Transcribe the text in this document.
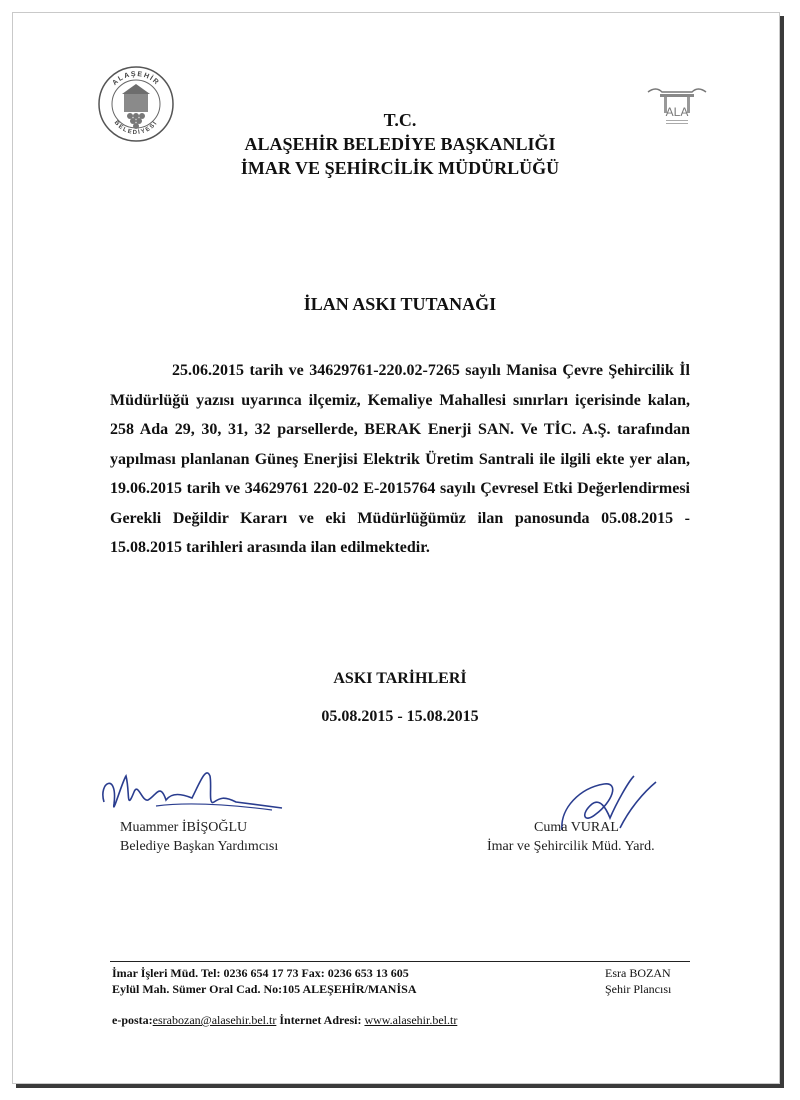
ALAŞEHİR
BELEDİYESİ
ALA
T.C.
ALAŞEHİR BELEDİYE BAŞKANLIĞI
İMAR VE ŞEHİRCİLİK MÜDÜRLÜĞÜ
İLAN ASKI TUTANAĞI
25.06.2015 tarih ve 34629761-220.02-7265 sayılı Manisa Çevre Şehircilik İl Müdürlüğü yazısı uyarınca ilçemiz, Kemaliye Mahallesi sınırları içerisinde kalan, 258 Ada 29, 30, 31, 32 parsellerde, BERAK Enerji SAN. Ve TİC. A.Ş. tarafından yapılması planlanan Güneş Enerjisi Elektrik Üretim Santrali ile ilgili ekte yer alan, 19.06.2015 tarih ve 34629761 220-02 E-2015764 sayılı Çevresel Etki Değerlendirmesi Gerekli Değildir Kararı ve eki Müdürlüğümüz ilan panosunda 05.08.2015 - 15.08.2015 tarihleri arasında ilan edilmektedir.
ASKI TARİHLERİ
05.08.2015 - 15.08.2015
Muammer İBİŞOĞLU
Belediye Başkan Yardımcısı
Cuma VURAL
İmar ve Şehircilik Müd. Yard.
İmar İşleri Müd. Tel: 0236 654 17 73 Fax: 0236 653 13 605
Eylül Mah. Sümer Oral Cad. No:105 ALEŞEHİR/MANİSA
Esra BOZAN
Şehir Plancısı
e-posta:esrabozan@alasehir.bel.tr İnternet Adresi: www.alasehir.bel.tr
